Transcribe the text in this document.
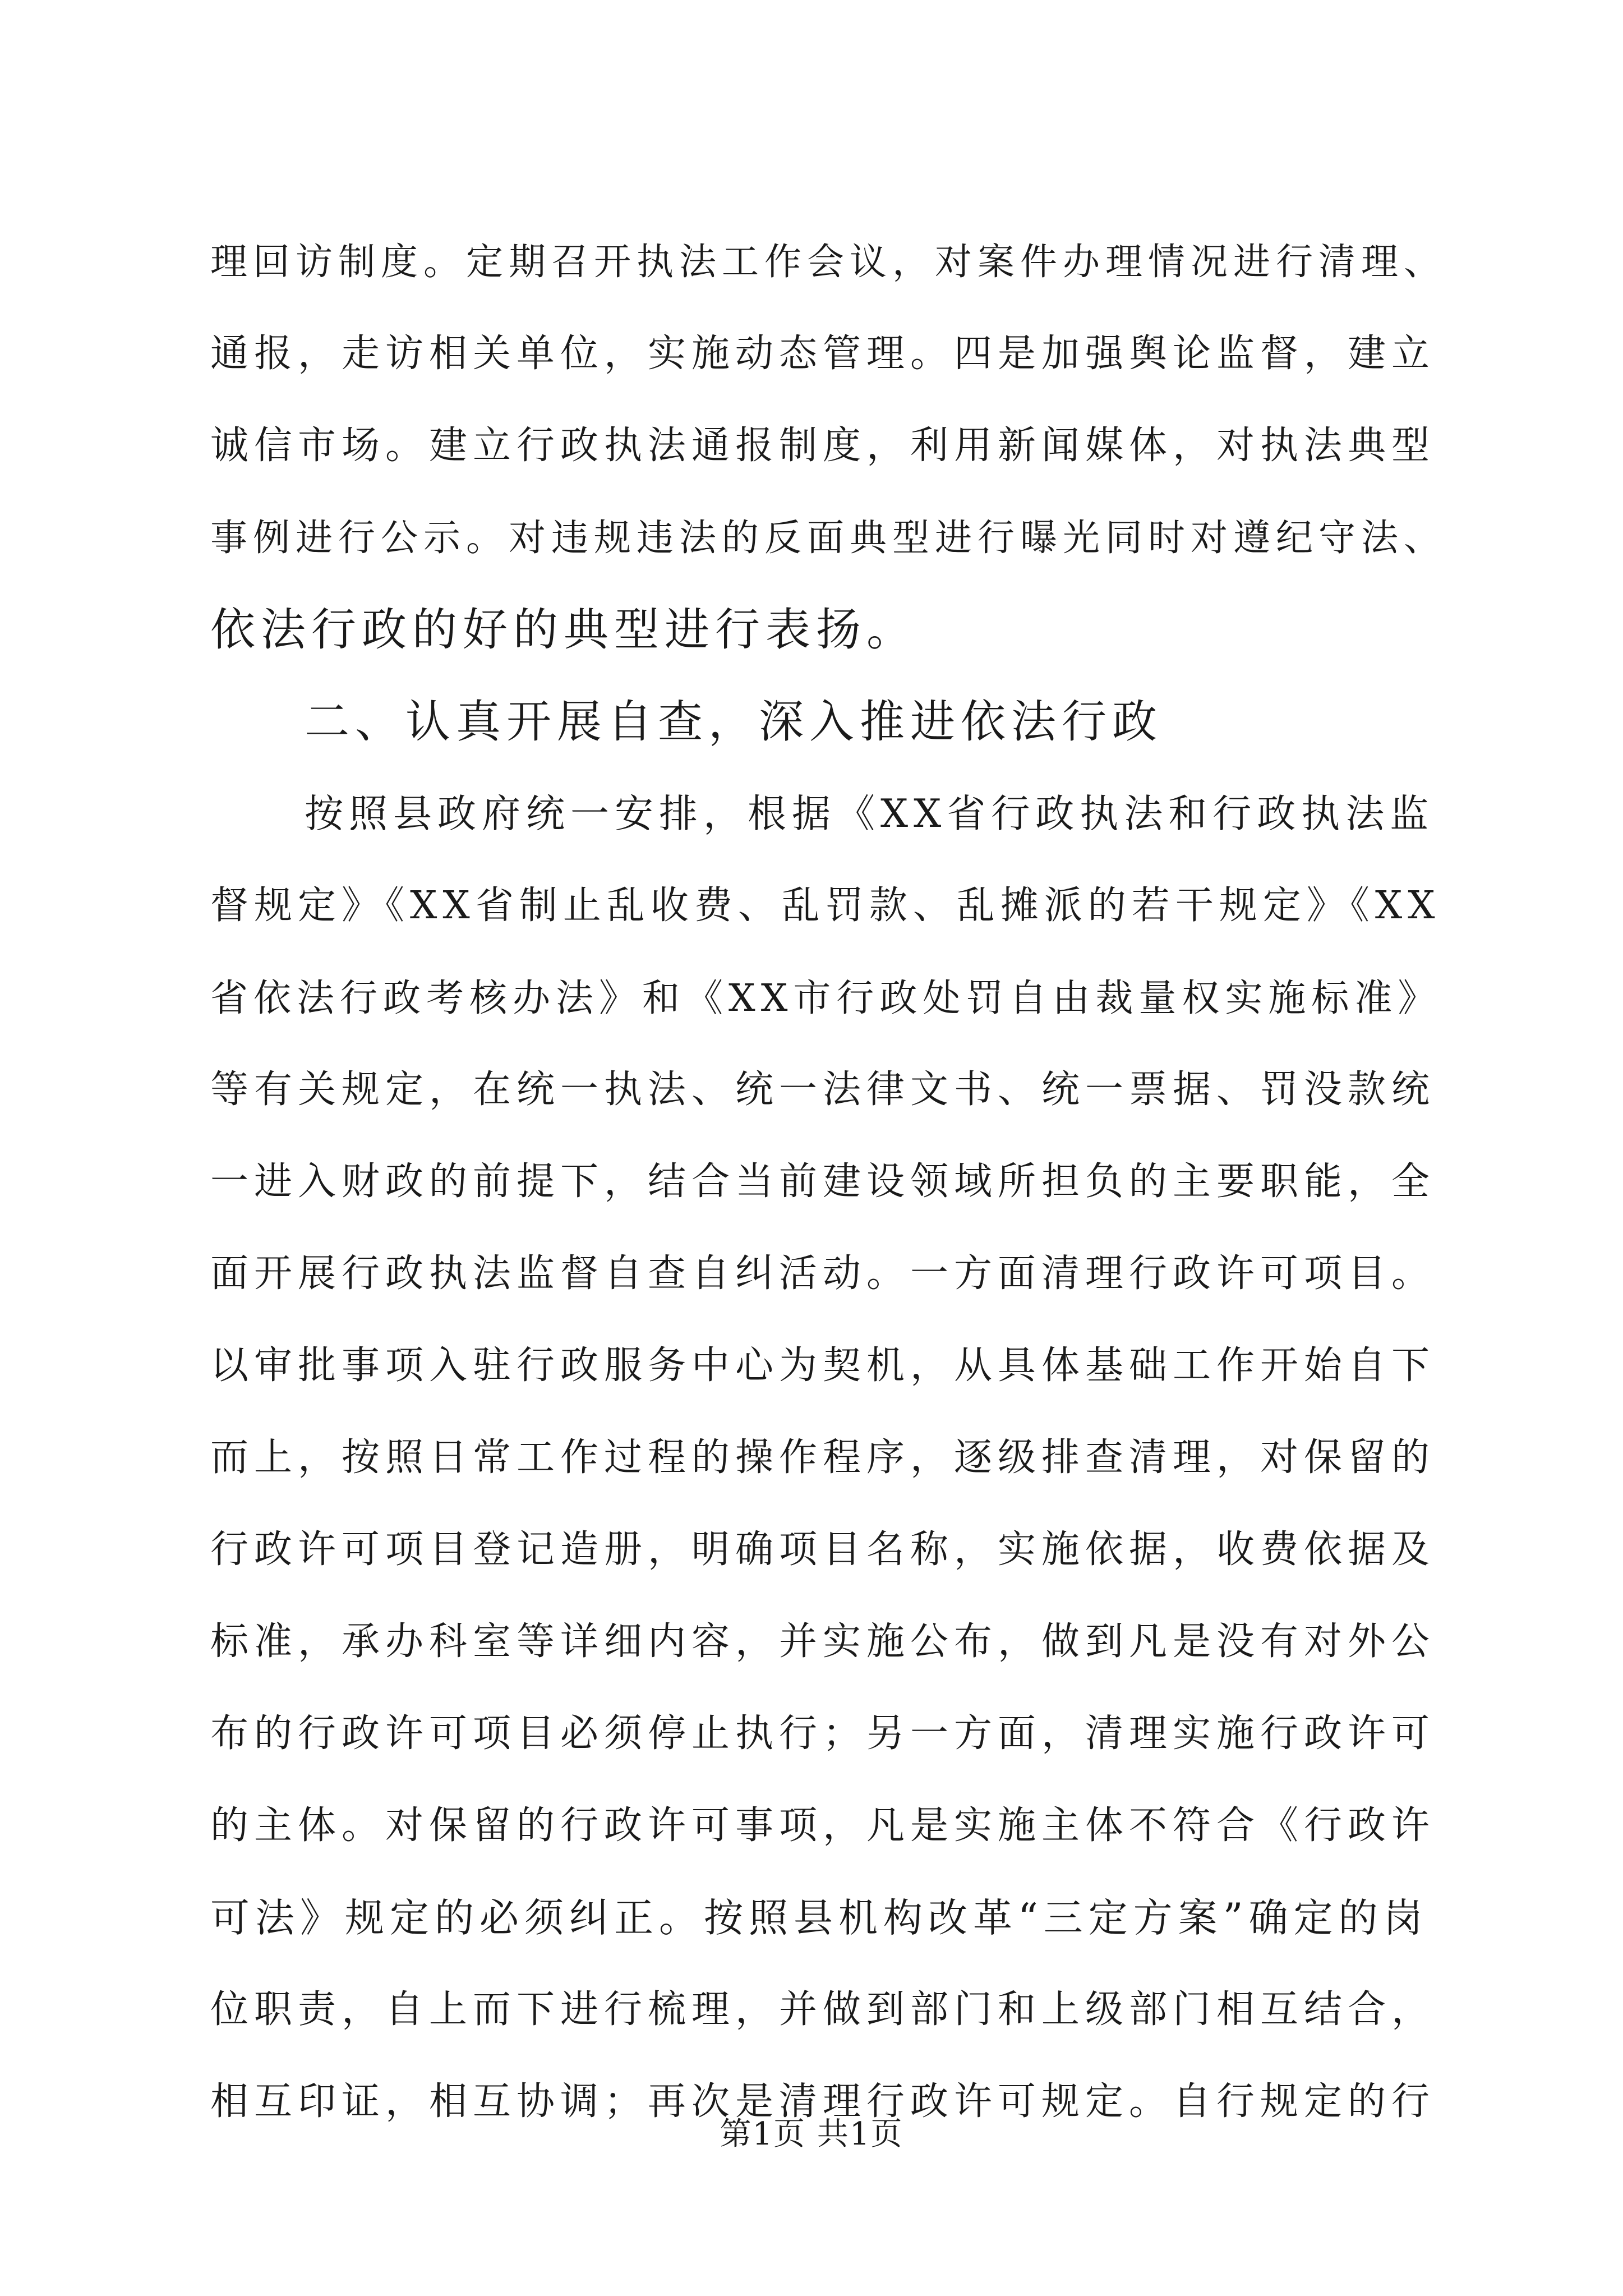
理回访制度。定期召开执法工作会议，对案件办理情况进行清理、
通报，走访相关单位，实施动态管理。四是加强舆论监督，建立
诚信市场。建立行政执法通报制度，利用新闻媒体，对执法典型
事例进行公示。对违规违法的反面典型进行曝光同时对遵纪守法、
依法行政的好的典型进行表扬。
二、认真开展自查，深入推进依法行政
按照县政府统一安排，根据《XX省行政执法和行政执法监
督规定》《XX省制止乱收费、乱罚款、乱摊派的若干规定》《XX
省依法行政考核办法》和《XX市行政处罚自由裁量权实施标准》
等有关规定，在统一执法、统一法律文书、统一票据、罚没款统
一进入财政的前提下，结合当前建设领域所担负的主要职能，全
面开展行政执法监督自查自纠活动。一方面清理行政许可项目。
以审批事项入驻行政服务中心为契机，从具体基础工作开始自下
而上，按照日常工作过程的操作程序，逐级排查清理，对保留的
行政许可项目登记造册，明确项目名称，实施依据，收费依据及
标准，承办科室等详细内容，并实施公布，做到凡是没有对外公
布的行政许可项目必须停止执行；另一方面，清理实施行政许可
的主体。对保留的行政许可事项，凡是实施主体不符合《行政许
可法》规定的必须纠正。按照县机构改革“三定方案”确定的岗
位职责，自上而下进行梳理，并做到部门和上级部门相互结合，
相互印证，相互协调；再次是清理行政许可规定。自行规定的行
第1页 共1页
